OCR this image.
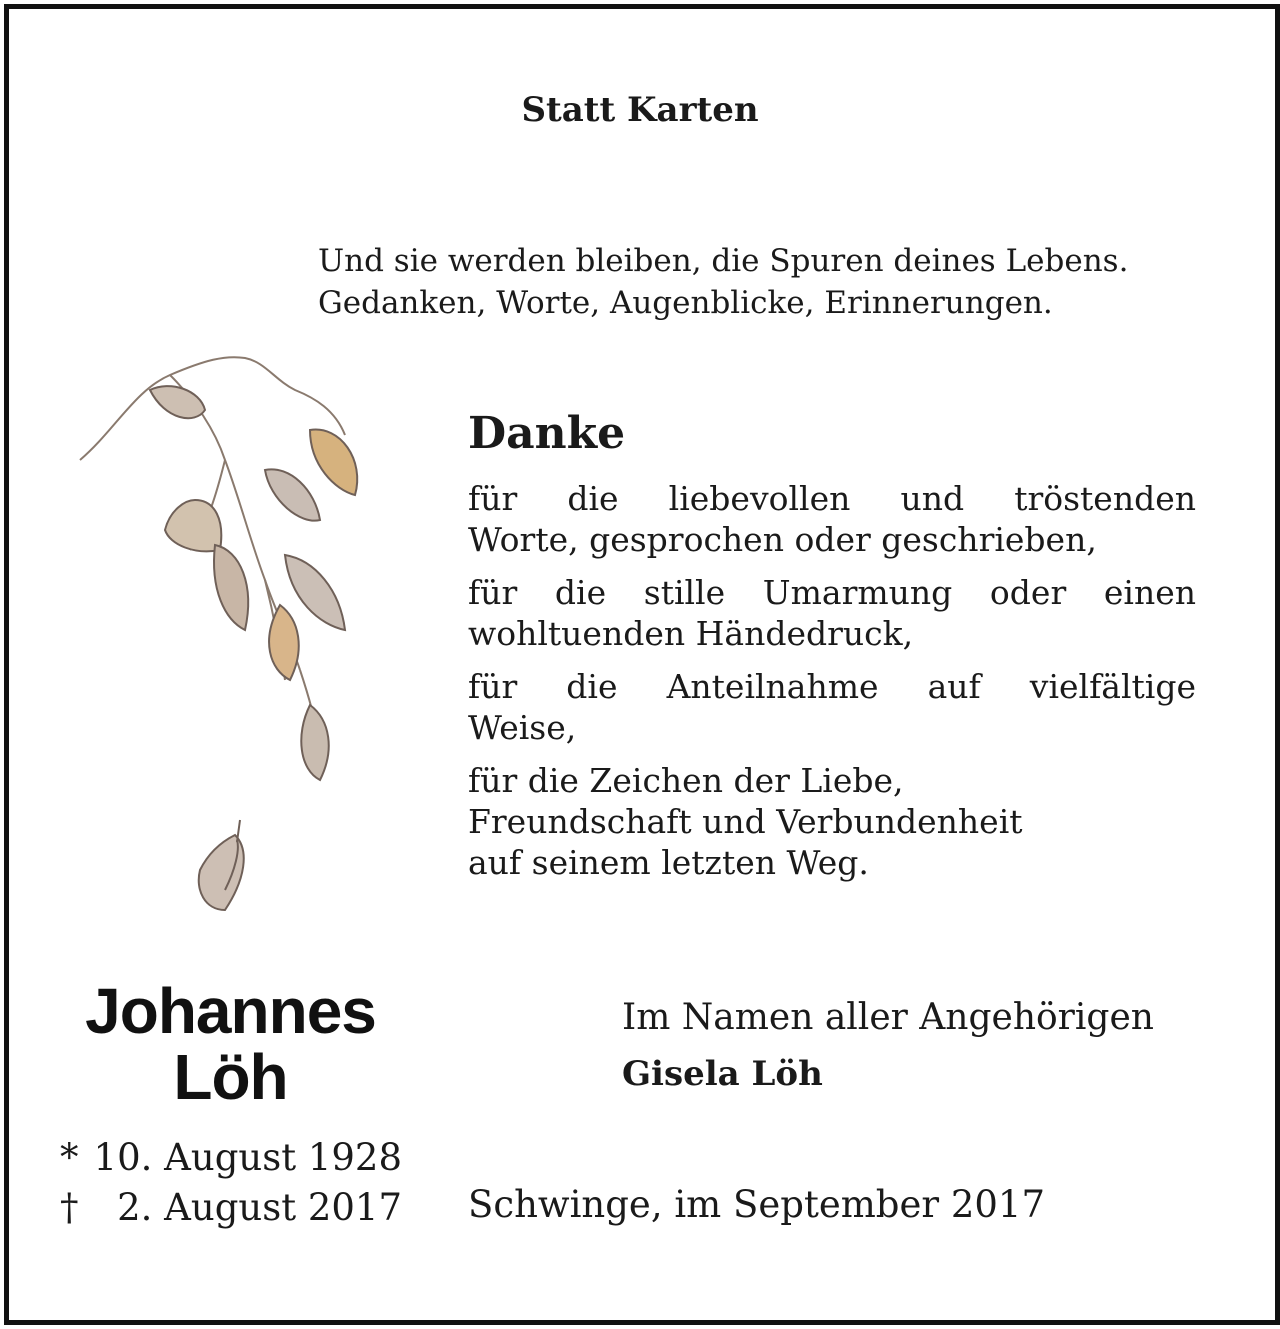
Statt Karten

Und sie werden bleiben, die Spuren deines Lebens.
Gedanken, Worte, Augenblicke, Erinnerungen.

Danke

für die liebevollen und tröstenden
Worte, gesprochen oder geschrieben,
für die stille Umarmung oder einen
wohltuenden Händedruck,
für die Anteilnahme auf vielfältige
Weise,
für die Zeichen der Liebe,
Freundschaft und Verbundenheit
auf seinem letzten Weg.
Johannes
Löh
* 10. August 1928
†	2. August 2017
Im Namen aller Angehörigen
Gisela Löh

Schwinge, im September 2017
